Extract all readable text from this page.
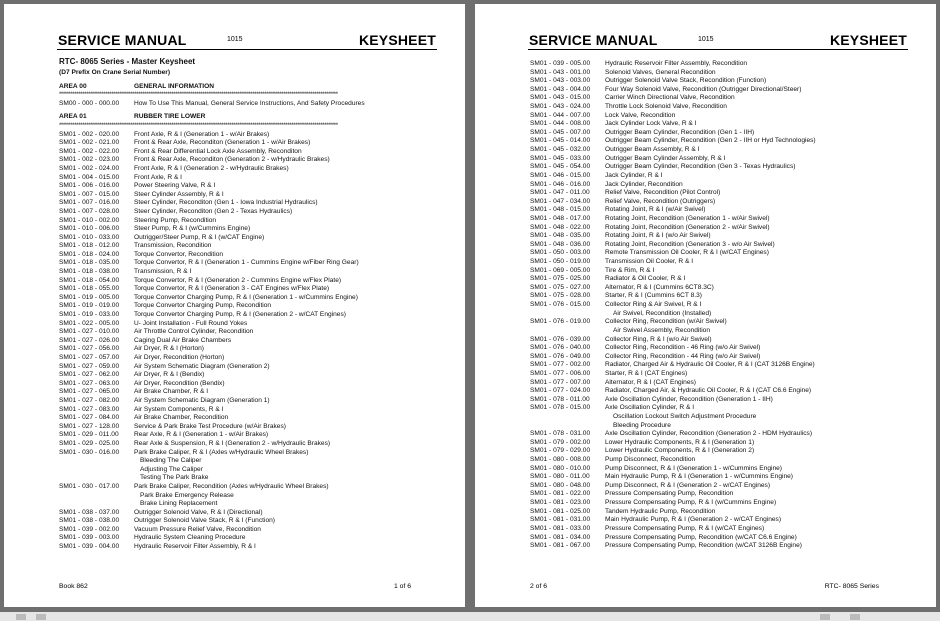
SERVICE MANUAL	1015	KEYSHEET
RTC- 8065 Series - Master Keysheet
(D7 Prefix On Crane Serial Number)
AREA 00	GENERAL INFORMATION
************************************************************************************************************************************************
SM00 - 000 - 000.00	How To Use This Manual, General Service Instructions, And Safety Procedures
AREA 01	RUBBER TIRE LOWER
************************************************************************************************************************************************
SM01 - 002 - 020.00	Front Axle, R & I (Generation 1 - w/Air Brakes)
SM01 - 002 - 021.00	Front & Rear Axle, Reconditon (Generation 1 - w/Air Brakes)
SM01 - 002 - 022.00	Front & Rear Differential Lock Axle Assembly, Reconditon
SM01 - 002 - 023.00	Front & Rear Axle, Reconditon (Generation 2 - w/Hydraulic Brakes)
SM01 - 002 - 024.00	Front Axle, R & I (Generation 2 - w/Hydraulic Brakes)
SM01 - 004 - 015.00	Front Axle, R & I
SM01 - 006 - 016.00	Power Steering Valve, R & I
SM01 - 007 - 015.00	Steer Cylinder Assembly, R & I
SM01 - 007 - 016.00	Steer Cylinder, Reconditon (Gen 1 - Iowa Industrial Hydraulics)
SM01 - 007 - 028.00	Steer Cylinder, Reconditon (Gen 2 - Texas Hydraulics)
SM01 - 010 - 002.00	Steering Pump, Recondition
SM01 - 010 - 006.00	Steer Pump, R & I (w/Cummins Engine)
SM01 - 010 - 033.00	Outrigger/Steer Pump, R & I (w/CAT Engine)
SM01 - 018 - 012.00	Transmission, Recondition
SM01 - 018 - 024.00	Torque Convertor, Recondition
SM01 - 018 - 035.00	Torque Convertor, R & I (Generation 1 - Cummins Engine w/Fiber Ring Gear)
SM01 - 018 - 038.00	Transmission, R & I
SM01 - 018 - 054.00	Torque Convertor, R & I (Generation 2 - Cummins Engine w/Flex Plate)
SM01 - 018 - 055.00	Torque Convertor, R & I (Generation 3 - CAT Engines w/Flex Plate)
SM01 - 019 - 005.00	Torque Convertor Charging Pump, R & I (Generation 1 - w/Cummins Engine)
SM01 - 019 - 019.00	Torque Convertor Charging Pump, Recondition
SM01 - 019 - 033.00	Torque Convertor Charging Pump, R & I (Generation 2 - w/CAT Engines)
SM01 - 022 - 005.00	U- Joint Installation - Full Round Yokes
SM01 - 027 - 010.00	Air Throttle Control Cylinder, Recondition
SM01 - 027 - 026.00	Caging Dual Air Brake Chambers
SM01 - 027 - 056.00	Air Dryer, R & I (Horton)
SM01 - 027 - 057.00	Air Dryer, Recondition (Horton)
SM01 - 027 - 059.00	Air System Schematic Diagram (Generation 2)
SM01 - 027 - 062.00	Air Dryer, R & I (Bendix)
SM01 - 027 - 063.00	Air Dryer, Recondition (Bendix)
SM01 - 027 - 065.00	Air Brake Chamber, R & I
SM01 - 027 - 082.00	Air System Schematic Diagram (Generation 1)
SM01 - 027 - 083.00	Air System Components, R & I
SM01 - 027 - 084.00	Air Brake Chamber, Recondition
SM01 - 027 - 128.00	Service & Park Brake Test Procedure (w/Air Brakes)
SM01 - 029 - 011.00	Rear Axle, R & I (Generation 1 - w/Air Brakes)
SM01 - 029 - 025.00	Rear Axle & Suspension, R & I (Generation 2 - w/Hydraulic Brakes)
SM01 - 030 - 016.00	Park Brake Caliper, R & I (Axles w/Hydraulic Wheel Brakes)
Bleeding The Caliper
Adjusting The Caliper
Testing The Park Brake
SM01 - 030 - 017.00	Park Brake Caliper, Recondition (Axles w/Hydraulic Wheel Brakes)
Park Brake Emergency Release
Brake Lining Replacement
SM01 - 038 - 037.00	Outrigger Solenoid Valve, R & I (Directional)
SM01 - 038 - 038.00	Outrigger Solenoid Valve Stack, R & I (Function)
SM01 - 039 - 002.00	Vacuum Pressure Relief Valve, Recondition
SM01 - 039 - 003.00	Hydraulic System Cleaning Procedure
SM01 - 039 - 004.00	Hydraulic Reservoir Filter Assembly, R & I
Book 862	1 of 6
SERVICE MANUAL	1015	KEYSHEET
SM01 - 039 - 005.00	Hydraulic Reservoir Filter Assembly, Recondition
SM01 - 043 - 001.00	Solenoid Valves, General Recondition
SM01 - 043 - 003.00	Outrigger Solenoid Valve Stack, Recondition (Function)
SM01 - 043 - 004.00	Four Way Solenoid Valve, Recondition (Outrigger Directional/Steer)
SM01 - 043 - 015.00	Carrier Winch Directional Valve, Recondition
SM01 - 043 - 024.00	Throttle Lock Solenoid Valve, Recondition
SM01 - 044 - 007.00	Lock Valve, Recondition
SM01 - 044 - 008.00	Jack Cylinder Lock Valve, R & I
SM01 - 045 - 007.00	Outrigger Beam Cylinder, Recondition (Gen 1 - IIH)
SM01 - 045 - 014.00	Outrigger Beam Cylinder, Recondition (Gen 2 - IIH or Hyd Technologies)
SM01 - 045 - 032.00	Outrigger Beam Assembly, R & I
SM01 - 045 - 033.00	Outrigger Beam Cylinder Assembly, R & I
SM01 - 045 - 054.00	Outrigger Beam Cylinder, Recondition (Gen 3 - Texas Hydraulics)
SM01 - 046 - 015.00	Jack Cylinder, R & I
SM01 - 046 - 016.00	Jack Cylinder, Recondition
SM01 - 047 - 011.00	Relief Valve, Recondition (Pilot Control)
SM01 - 047 - 034.00	Relief Valve, Recondition (Outriggers)
SM01 - 048 - 015.00	Rotating Joint, R & I (w/Air Swivel)
SM01 - 048 - 017.00	Rotating Joint, Recondition (Generation 1 - w/Air Swivel)
SM01 - 048 - 022.00	Rotating Joint, Recondition (Generation 2 - w/Air Swivel)
SM01 - 048 - 035.00	Rotating Joint, R & I (w/o Air Swivel)
SM01 - 048 - 036.00	Rotating Joint, Recondition (Generation 3 - w/o Air Swivel)
SM01 - 050 - 003.00	Remote Transmission Oil Cooler, R & I (w/CAT Engines)
SM01 - 050 - 019.00	Transmission Oil Cooler, R & I
SM01 - 069 - 005.00	Tire & Rim, R & I
SM01 - 075 - 025.00	Radiator & Oil Cooler, R & I
SM01 - 075 - 027.00	Alternator, R & I (Cummins 6CT8.3C)
SM01 - 075 - 028.00	Starter, R & I (Cummins 6CT 8.3)
SM01 - 076 - 015.00	Collector Ring & Air Swivel, R & I
Air Swivel, Recondition (Installed)
SM01 - 076 - 019.00	Collector Ring, Recondition (w/Air Swivel)
Air Swivel Assembly, Recondition
SM01 - 076 - 039.00	Collector Ring, R & I (w/o Air Swivel)
SM01 - 076 - 040.00	Collector Ring, Recondition - 46 Ring (w/o Air Swivel)
SM01 - 076 - 049.00	Collector Ring, Recondition - 44 Ring (w/o Air Swivel)
SM01 - 077 - 002.00	Radiator, Charged Air & Hydraulic Oil Cooler, R & I (CAT 3126B Engine)
SM01 - 077 - 006.00	Starter, R & I (CAT Engines)
SM01 - 077 - 007.00	Alternator, R & I (CAT Engines)
SM01 - 077 - 024.00	Radiator, Charged Air, & Hydraulic Oil Cooler, R & I (CAT C6.6 Engine)
SM01 - 078 - 011.00	Axle Oscillation Cylinder, Recondition (Generation 1 - IIH)
SM01 - 078 - 015.00	Axle Oscillation Cylinder, R & I
Oscillation Lockout Switch Adjustment Procedure
Bleeding Procedure
SM01 - 078 - 031.00	Axle Oscillation Cylinder, Recondition (Generation 2 - HDM Hydraulics)
SM01 - 079 - 002.00	Lower Hydraulic Components, R & I (Generation 1)
SM01 - 079 - 029.00	Lower Hydraulic Components, R & I (Generation 2)
SM01 - 080 - 008.00	Pump Disconnect, Recondition
SM01 - 080 - 010.00	Pump Disconnect, R & I (Generation 1 - w/Cummins Engine)
SM01 - 080 - 011.00	Main Hydraulic Pump, R & I (Generation 1 - w/Cummins Engine)
SM01 - 080 - 048.00	Pump Disconnect, R & I (Generation 2 - w/CAT Engines)
SM01 - 081 - 022.00	Pressure Compensating Pump, Recondition
SM01 - 081 - 023.00	Pressure Compensating Pump, R & I (w/Cummins Engine)
SM01 - 081 - 025.00	Tandem Hydraulic Pump, Recondition
SM01 - 081 - 031.00	Main Hydraulic Pump, R & I (Generation 2 - w/CAT Engines)
SM01 - 081 - 033.00	Pressure Compensating Pump, R & I (w/CAT Engines)
SM01 - 081 - 034.00	Pressure Compensating Pump, Recondition (w/CAT C6.6 Engine)
SM01 - 081 - 067.00	Pressure Compensating Pump, Recondition (w/CAT 3126B Engine)
2 of 6	RTC- 8065 Series
